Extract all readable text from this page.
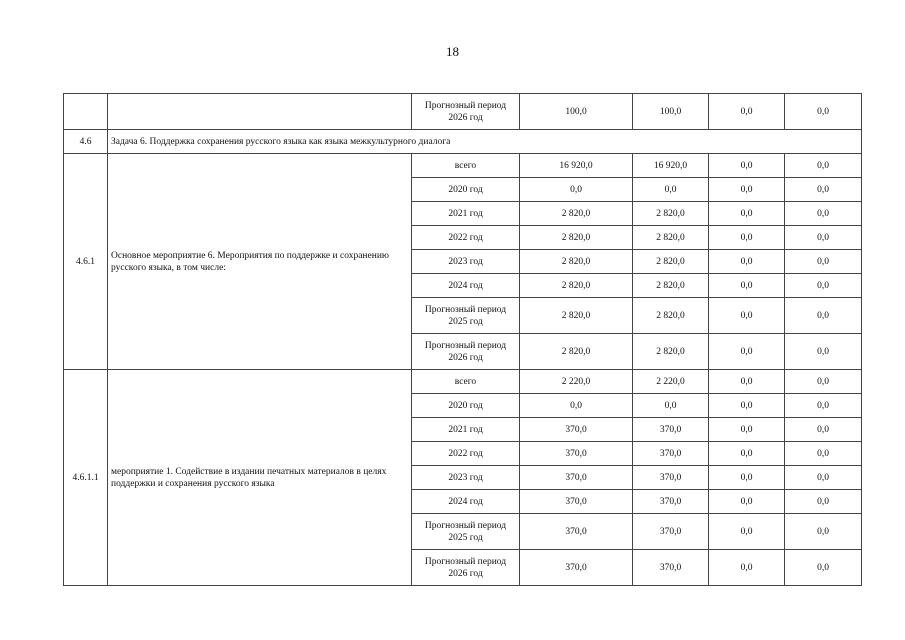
18
		Прогнозный период 2026 год	100,0	100,0	0,0	0,0
4.6	Задача 6. Поддержка сохранения русского языка как языка межкультурного диалога					
4.6.1	Основное мероприятие 6. Мероприятия по поддержке и сохранению русского языка, в том числе:	всего	16 920,0	16 920,0	0,0	0,0
		2020 год	0,0	0,0	0,0	0,0
		2021 год	2 820,0	2 820,0	0,0	0,0
		2022 год	2 820,0	2 820,0	0,0	0,0
		2023 год	2 820,0	2 820,0	0,0	0,0
		2024 год	2 820,0	2 820,0	0,0	0,0
		Прогнозный период 2025 год	2 820,0	2 820,0	0,0	0,0
		Прогнозный период 2026 год	2 820,0	2 820,0	0,0	0,0
4.6.1.1	мероприятие 1. Содействие в издании печатных материалов в целях поддержки и сохранения русского языка	всего	2 220,0	2 220,0	0,0	0,0
		2020 год	0,0	0,0	0,0	0,0
		2021 год	370,0	370,0	0,0	0,0
		2022 год	370,0	370,0	0,0	0,0
		2023 год	370,0	370,0	0,0	0,0
		2024 год	370,0	370,0	0,0	0,0
		Прогнозный период 2025 год	370,0	370,0	0,0	0,0
		Прогнозный период 2026 год	370,0	370,0	0,0	0,0
